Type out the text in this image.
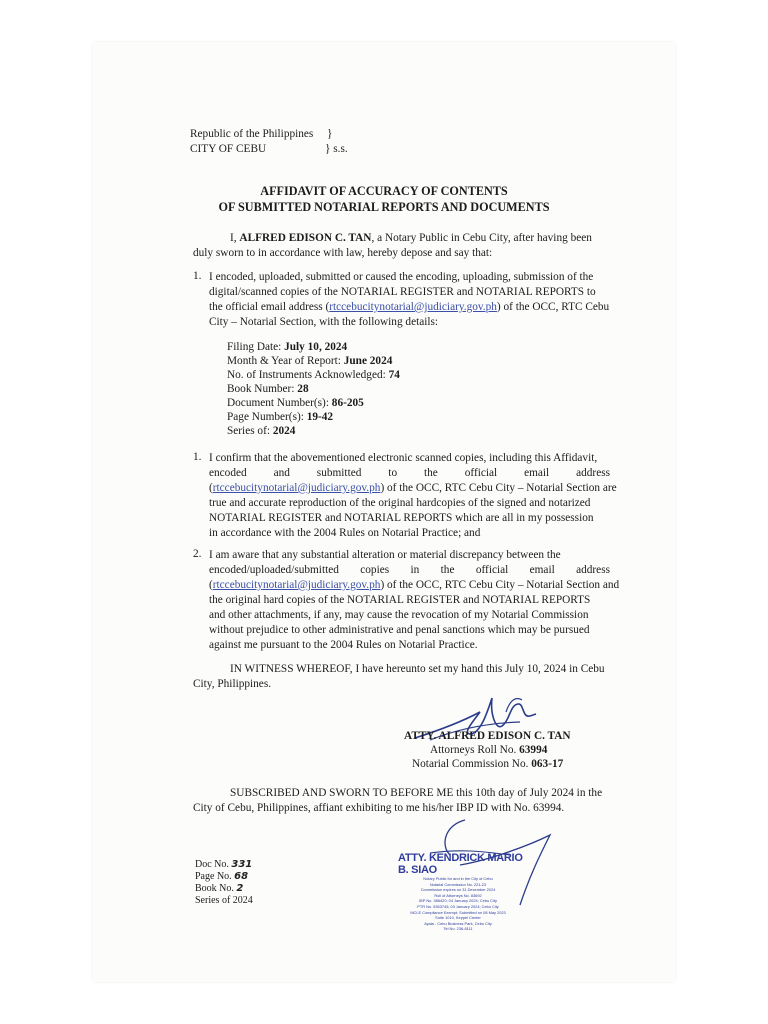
Republic of the Philippines }
CITY OF CEBU	} s.s.
AFFIDAVIT OF ACCURACY OF CONTENTS
OF SUBMITTED NOTARIAL REPORTS AND DOCUMENTS
I, ALFRED EDISON C. TAN, a Notary Public in Cebu City, after having been
duly sworn to in accordance with law, hereby depose and say that:
1. I encoded, uploaded, submitted or caused the encoding, uploading, submission of the
digital/scanned copies of the NOTARIAL REGISTER and NOTARIAL REPORTS to
the official email address (rtccebucitynotarial@judiciary.gov.ph) of the OCC, RTC Cebu
City – Notarial Section, with the following details:
Filing Date: July 10, 2024
Month & Year of Report: June 2024
No. of Instruments Acknowledged: 74
Book Number: 28
Document Number(s): 86-205
Page Number(s): 19-42
Series of: 2024
1. I confirm that the abovementioned electronic scanned copies, including this Affidavit,
encoded and submitted to the official email address
(rtccebucitynotarial@judiciary.gov.ph) of the OCC, RTC Cebu City – Notarial Section are
true and accurate reproduction of the original hardcopies of the signed and notarized
NOTARIAL REGISTER and NOTARIAL REPORTS which are all in my possession
in accordance with the 2004 Rules on Notarial Practice; and
2. I am aware that any substantial alteration or material discrepancy between the
encoded/uploaded/submitted copies in the official email address
(rtccebucitynotarial@judiciary.gov.ph) of the OCC, RTC Cebu City – Notarial Section and
the original hard copies of the NOTARIAL REGISTER and NOTARIAL REPORTS
and other attachments, if any, may cause the revocation of my Notarial Commission
without prejudice to other administrative and penal sanctions which may be pursued
against me pursuant to the 2004 Rules on Notarial Practice.
IN WITNESS WHEREOF, I have hereunto set my hand this July 10, 2024 in Cebu
City, Philippines.
ATTY. ALFRED EDISON C. TAN
Attorneys Roll No. 63994
Notarial Commission No. 063-17
SUBSCRIBED AND SWORN TO BEFORE ME this 10th day of July 2024 in the
City of Cebu, Philippines, affiant exhibiting to me his/her IBP ID with No. 63994.
Doc No. 331
Page No. 68
Book No. 2
Series of 2024
ATTY. KENDRICK MARIO B. SIAO
Notary Public for and in the City of Cebu
Notarial Commission No. 221-23
Commission expires on 31 December 2024
Roll of Attorneys No. 83692
IBP No. 386420; 04 January 2024; Cebu City
PTR No. 5353745; 03 January 2024; Cebu City
MCLE Compliance Exempt; Submitted on 08 May 2023
Suite 1010, Keppel Center
Ayala - Cebu Business Park, Cebu City
Tel No. 236-8111
